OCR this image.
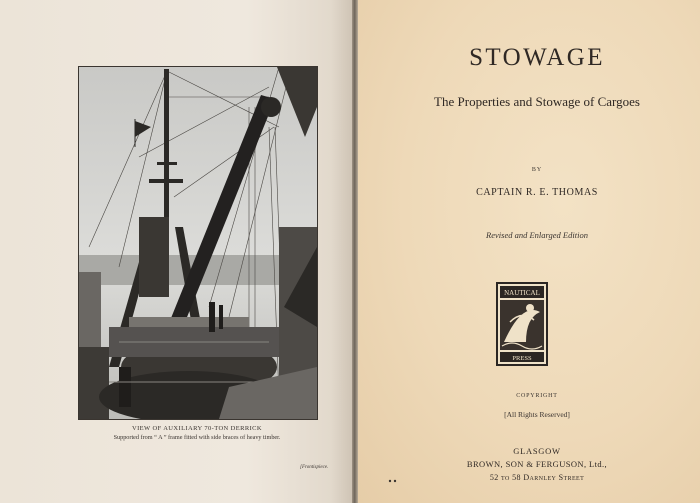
VIEW OF AUXILIARY 70-TON DERRICK
Supported from “ A ” frame fitted with side braces of heavy timber.
[Frontispiece.
STOWAGE
The Properties and Stowage of Cargoes
BY
CAPTAIN R. E. THOMAS
Revised and Enlarged Edition
NAUTICAL
PRESS
COPYRIGHT
[All Rights Reserved]
GLASGOW
BROWN, SON & FERGUSON, Ltd.,
52 to 58 Darnley Street
